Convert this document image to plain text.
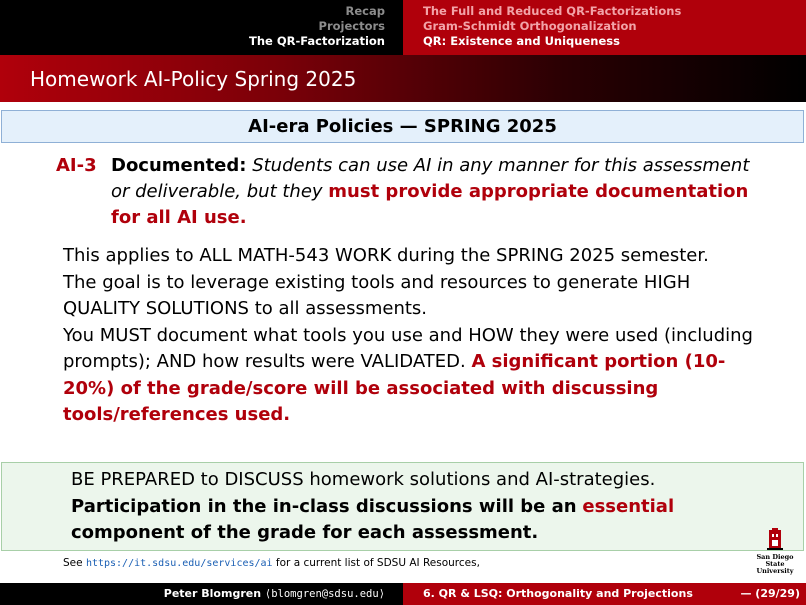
Recap
Projectors
The QR-Factorization
The Full and Reduced QR-Factorizations
Gram-Schmidt Orthogonalization
QR: Existence and Uniqueness
Homework AI-Policy Spring 2025
AI-era Policies — SPRING 2025
AI-3 Documented: Students can use AI in any manner for this assessment or deliverable, but they must provide appropriate documentation for all AI use.

This applies to ALL MATH-543 WORK during the SPRING 2025 semester.

The goal is to leverage existing tools and resources to generate HIGH QUALITY SOLUTIONS to all assessments.

You MUST document what tools you use and HOW they were used (including prompts); AND how results were VALIDATED. A significant portion (10-20%) of the grade/score will be associated with discussing tools/references used.

BE PREPARED to DISCUSS homework solutions and AI-strategies. Participation in the in-class discussions will be an essential component of the grade for each assessment.
See https://it.sdsu.edu/services/ai for a current list of SDSU AI Resources,	San Diego State
University
Peter Blomgren ⟨blomgren@sdsu.edu⟩	6. QR & LSQ: Orthogonality and Projections	— (29/29)
